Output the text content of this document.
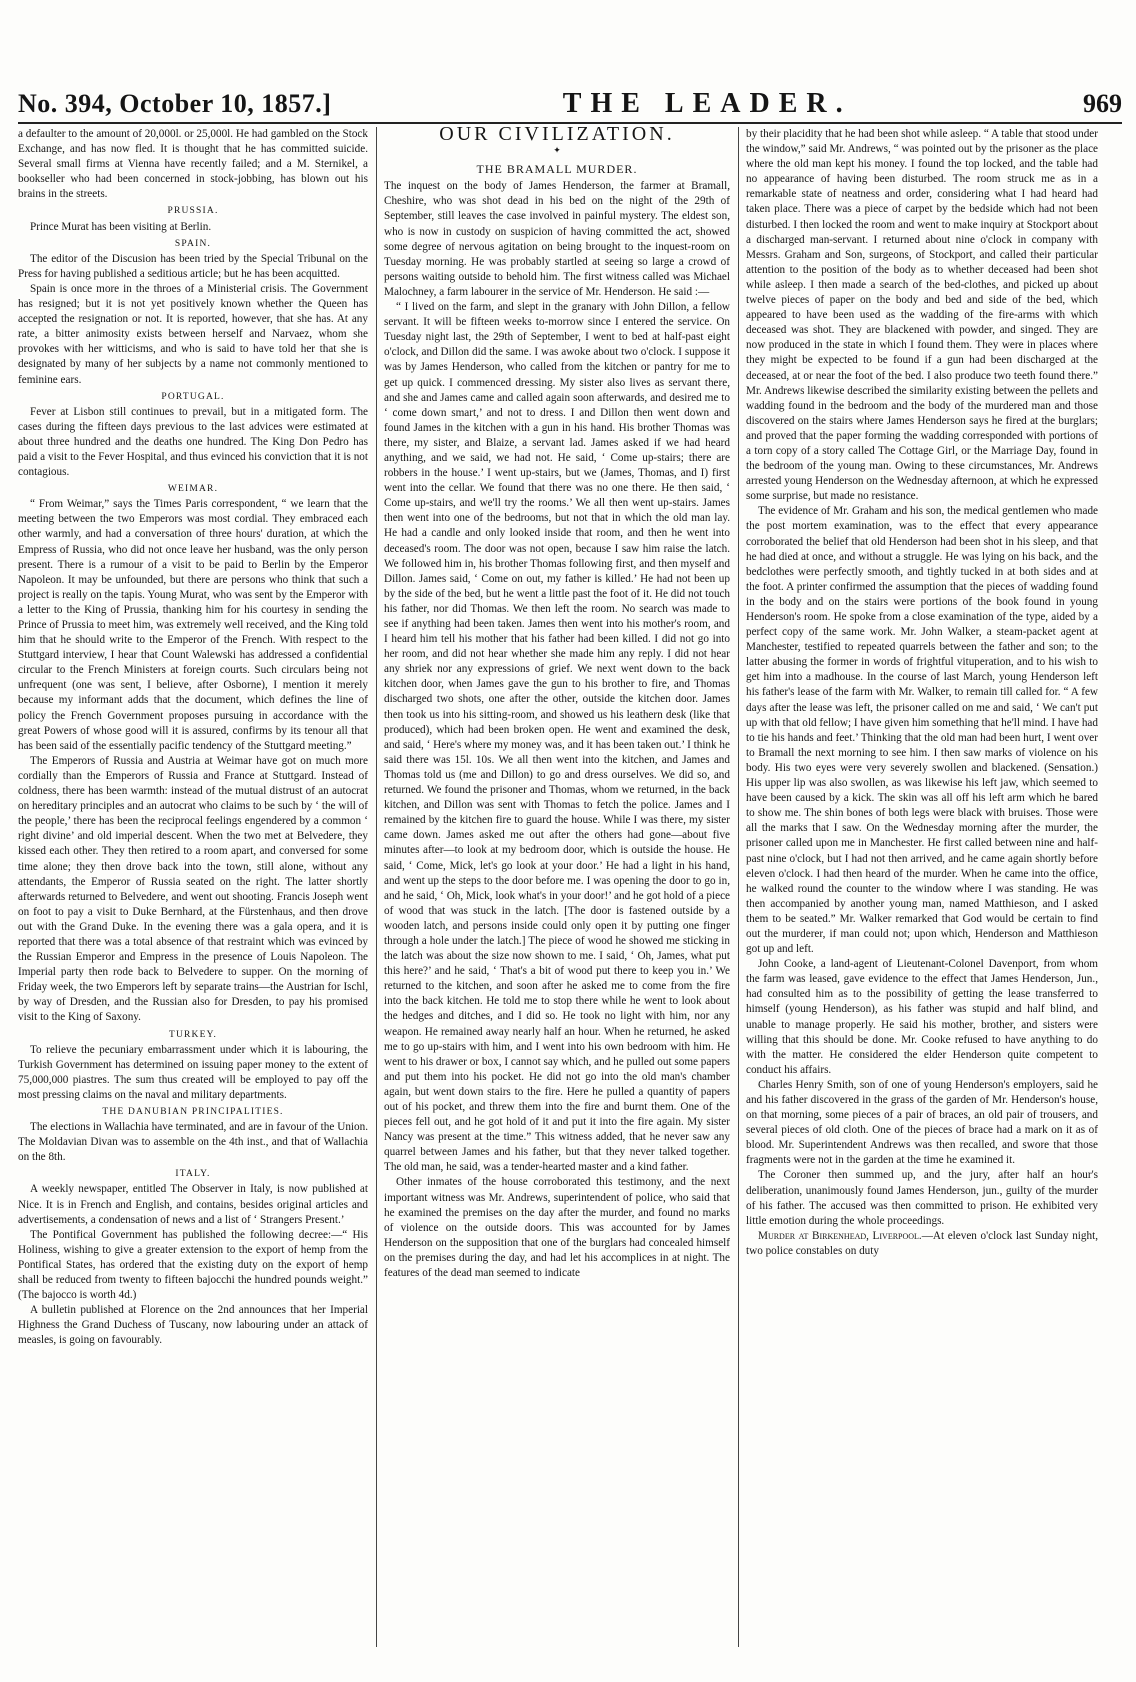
No. 394, October 10, 1857.]	THE LEADER.	969

a defaulter to the amount of 20,000l. or 25,000l. He had gambled on the Stock Exchange, and has now fled. It is thought that he has committed suicide. Several small firms at Vienna have recently failed; and a M. Sternikel, a bookseller who had been concerned in stock-jobbing, has blown out his brains in the streets.

PRUSSIA.

Prince Murat has been visiting at Berlin.

SPAIN.

The editor of the Discusion has been tried by the Special Tribunal on the Press for having published a seditious article; but he has been acquitted.

Spain is once more in the throes of a Ministerial crisis. The Government has resigned; but it is not yet positively known whether the Queen has accepted the resignation or not. It is reported, however, that she has. At any rate, a bitter animosity exists between herself and Narvaez, whom she provokes with her witticisms, and who is said to have told her that she is designated by many of her subjects by a name not commonly mentioned to feminine ears.

PORTUGAL.

Fever at Lisbon still continues to prevail, but in a mitigated form. The cases during the fifteen days previous to the last advices were estimated at about three hundred and the deaths one hundred. The King Don Pedro has paid a visit to the Fever Hospital, and thus evinced his conviction that it is not contagious.

WEIMAR.

“ From Weimar,” says the Times Paris correspondent, “ we learn that the meeting between the two Emperors was most cordial. They embraced each other warmly, and had a conversation of three hours' duration, at which the Empress of Russia, who did not once leave her husband, was the only person present. There is a rumour of a visit to be paid to Berlin by the Emperor Napoleon. It may be unfounded, but there are persons who think that such a project is really on the tapis. Young Murat, who was sent by the Emperor with a letter to the King of Prussia, thanking him for his courtesy in sending the Prince of Prussia to meet him, was extremely well received, and the King told him that he should write to the Emperor of the French. With respect to the Stuttgard interview, I hear that Count Walewski has addressed a confidential circular to the French Ministers at foreign courts. Such circulars being not unfrequent (one was sent, I believe, after Osborne), I mention it merely because my informant adds that the document, which defines the line of policy the French Government proposes pursuing in accordance with the great Powers of whose good will it is assured, confirms by its tenour all that has been said of the essentially pacific tendency of the Stuttgard meeting.”

The Emperors of Russia and Austria at Weimar have got on much more cordially than the Emperors of Russia and France at Stuttgard. Instead of coldness, there has been warmth: instead of the mutual distrust of an autocrat on hereditary principles and an autocrat who claims to be such by ‘ the will of the people,’ there has been the reciprocal feelings engendered by a common ‘ right divine’ and old imperial descent. When the two met at Belvedere, they kissed each other. They then retired to a room apart, and conversed for some time alone; they then drove back into the town, still alone, without any attendants, the Emperor of Russia seated on the right. The latter shortly afterwards returned to Belvedere, and went out shooting. Francis Joseph went on foot to pay a visit to Duke Bernhard, at the Fürstenhaus, and then drove out with the Grand Duke. In the evening there was a gala opera, and it is reported that there was a total absence of that restraint which was evinced by the Russian Emperor and Empress in the presence of Louis Napoleon. The Imperial party then rode back to Belvedere to supper. On the morning of Friday week, the two Emperors left by separate trains—the Austrian for Ischl, by way of Dresden, and the Russian also for Dresden, to pay his promised visit to the King of Saxony.

TURKEY.

To relieve the pecuniary embarrassment under which it is labouring, the Turkish Government has determined on issuing paper money to the extent of 75,000,000 piastres. The sum thus created will be employed to pay off the most pressing claims on the naval and military departments.

THE DANUBIAN PRINCIPALITIES.

The elections in Wallachia have terminated, and are in favour of the Union. The Moldavian Divan was to assemble on the 4th inst., and that of Wallachia on the 8th.

ITALY.

A weekly newspaper, entitled The Observer in Italy, is now published at Nice. It is in French and English, and contains, besides original articles and advertisements, a condensation of news and a list of ‘ Strangers Present.’

The Pontifical Government has published the following decree:—“ His Holiness, wishing to give a greater extension to the export of hemp from the Pontifical States, has ordered that the existing duty on the export of hemp shall be reduced from twenty to fifteen bajocchi the hundred pounds weight.” (The bajocco is worth 4d.)

A bulletin published at Florence on the 2nd announces that her Imperial Highness the Grand Duchess of Tuscany, now labouring under an attack of measles, is going on favourably.

OUR CIVILIZATION.
✦
THE BRAMALL MURDER.

The inquest on the body of James Henderson, the farmer at Bramall, Cheshire, who was shot dead in his bed on the night of the 29th of September, still leaves the case involved in painful mystery. The eldest son, who is now in custody on suspicion of having committed the act, showed some degree of nervous agitation on being brought to the inquest-room on Tuesday morning. He was probably startled at seeing so large a crowd of persons waiting outside to behold him. The first witness called was Michael Malochney, a farm labourer in the service of Mr. Henderson. He said :—

“ I lived on the farm, and slept in the granary with John Dillon, a fellow servant. It will be fifteen weeks to-morrow since I entered the service. On Tuesday night last, the 29th of September, I went to bed at half-past eight o'clock, and Dillon did the same. I was awoke about two o'clock. I suppose it was by James Henderson, who called from the kitchen or pantry for me to get up quick. I commenced dressing. My sister also lives as servant there, and she and James came and called again soon afterwards, and desired me to ‘ come down smart,’ and not to dress. I and Dillon then went down and found James in the kitchen with a gun in his hand. His brother Thomas was there, my sister, and Blaize, a servant lad. James asked if we had heard anything, and we said, we had not. He said, ‘ Come up-stairs; there are robbers in the house.’ I went up-stairs, but we (James, Thomas, and I) first went into the cellar. We found that there was no one there. He then said, ‘ Come up-stairs, and we'll try the rooms.’ We all then went up-stairs. James then went into one of the bedrooms, but not that in which the old man lay. He had a candle and only looked inside that room, and then he went into deceased's room. The door was not open, because I saw him raise the latch. We followed him in, his brother Thomas following first, and then myself and Dillon. James said, ‘ Come on out, my father is killed.’ He had not been up by the side of the bed, but he went a little past the foot of it. He did not touch his father, nor did Thomas. We then left the room. No search was made to see if anything had been taken. James then went into his mother's room, and I heard him tell his mother that his father had been killed. I did not go into her room, and did not hear whether she made him any reply. I did not hear any shriek nor any expressions of grief. We next went down to the back kitchen door, when James gave the gun to his brother to fire, and Thomas discharged two shots, one after the other, outside the kitchen door. James then took us into his sitting-room, and showed us his leathern desk (like that produced), which had been broken open. He went and examined the desk, and said, ‘ Here's where my money was, and it has been taken out.’ I think he said there was 15l. 10s. We all then went into the kitchen, and James and Thomas told us (me and Dillon) to go and dress ourselves. We did so, and returned. We found the prisoner and Thomas, whom we returned, in the back kitchen, and Dillon was sent with Thomas to fetch the police. James and I remained by the kitchen fire to guard the house. While I was there, my sister came down. James asked me out after the others had gone—about five minutes after—to look at my bedroom door, which is outside the house. He said, ‘ Come, Mick, let's go look at your door.’ He had a light in his hand, and went up the steps to the door before me. I was opening the door to go in, and he said, ‘ Oh, Mick, look what's in your door!’ and he got hold of a piece of wood that was stuck in the latch. [The door is fastened outside by a wooden latch, and persons inside could only open it by putting one finger through a hole under the latch.] The piece of wood he showed me sticking in the latch was about the size now shown to me. I said, ‘ Oh, James, what put this here?’ and he said, ‘ That's a bit of wood put there to keep you in.’ We returned to the kitchen, and soon after he asked me to come from the fire into the back kitchen. He told me to stop there while he went to look about the hedges and ditches, and I did so. He took no light with him, nor any weapon. He remained away nearly half an hour. When he returned, he asked me to go up-stairs with him, and I went into his own bedroom with him. He went to his drawer or box, I cannot say which, and he pulled out some papers and put them into his pocket. He did not go into the old man's chamber again, but went down stairs to the fire. Here he pulled a quantity of papers out of his pocket, and threw them into the fire and burnt them. One of the pieces fell out, and he got hold of it and put it into the fire again. My sister Nancy was present at the time.” This witness added, that he never saw any quarrel between James and his father, but that they never talked together. The old man, he said, was a tender-hearted master and a kind father.

Other inmates of the house corroborated this testimony, and the next important witness was Mr. Andrews, superintendent of police, who said that he examined the premises on the day after the murder, and found no marks of violence on the outside doors. This was accounted for by James Henderson on the supposition that one of the burglars had concealed himself on the premises during the day, and had let his accomplices in at night. The features of the dead man seemed to indicate

by their placidity that he had been shot while asleep. “ A table that stood under the window,” said Mr. Andrews, “ was pointed out by the prisoner as the place where the old man kept his money. I found the top locked, and the table had no appearance of having been disturbed. The room struck me as in a remarkable state of neatness and order, considering what I had heard had taken place. There was a piece of carpet by the bedside which had not been disturbed. I then locked the room and went to make inquiry at Stockport about a discharged man-servant. I returned about nine o'clock in company with Messrs. Graham and Son, surgeons, of Stockport, and called their particular attention to the position of the body as to whether deceased had been shot while asleep. I then made a search of the bed-clothes, and picked up about twelve pieces of paper on the body and bed and side of the bed, which appeared to have been used as the wadding of the fire-arms with which deceased was shot. They are blackened with powder, and singed. They are now produced in the state in which I found them. They were in places where they might be expected to be found if a gun had been discharged at the deceased, at or near the foot of the bed. I also produce two teeth found there.” Mr. Andrews likewise described the similarity existing between the pellets and wadding found in the bedroom and the body of the murdered man and those discovered on the stairs where James Henderson says he fired at the burglars; and proved that the paper forming the wadding corresponded with portions of a torn copy of a story called The Cottage Girl, or the Marriage Day, found in the bedroom of the young man. Owing to these circumstances, Mr. Andrews arrested young Henderson on the Wednesday afternoon, at which he expressed some surprise, but made no resistance.

The evidence of Mr. Graham and his son, the medical gentlemen who made the post mortem examination, was to the effect that every appearance corroborated the belief that old Henderson had been shot in his sleep, and that he had died at once, and without a struggle. He was lying on his back, and the bedclothes were perfectly smooth, and tightly tucked in at both sides and at the foot. A printer confirmed the assumption that the pieces of wadding found in the body and on the stairs were portions of the book found in young Henderson's room. He spoke from a close examination of the type, aided by a perfect copy of the same work. Mr. John Walker, a steam-packet agent at Manchester, testified to repeated quarrels between the father and son; to the latter abusing the former in words of frightful vituperation, and to his wish to get him into a madhouse. In the course of last March, young Henderson left his father's lease of the farm with Mr. Walker, to remain till called for. “ A few days after the lease was left, the prisoner called on me and said, ‘ We can't put up with that old fellow; I have given him something that he'll mind. I have had to tie his hands and feet.’ Thinking that the old man had been hurt, I went over to Bramall the next morning to see him. I then saw marks of violence on his body. His two eyes were very severely swollen and blackened. (Sensation.) His upper lip was also swollen, as was likewise his left jaw, which seemed to have been caused by a kick. The skin was all off his left arm which he bared to show me. The shin bones of both legs were black with bruises. Those were all the marks that I saw. On the Wednesday morning after the murder, the prisoner called upon me in Manchester. He first called between nine and half-past nine o'clock, but I had not then arrived, and he came again shortly before eleven o'clock. I had then heard of the murder. When he came into the office, he walked round the counter to the window where I was standing. He was then accompanied by another young man, named Matthieson, and I asked them to be seated.” Mr. Walker remarked that God would be certain to find out the murderer, if man could not; upon which, Henderson and Matthieson got up and left.

John Cooke, a land-agent of Lieutenant-Colonel Davenport, from whom the farm was leased, gave evidence to the effect that James Henderson, Jun., had consulted him as to the possibility of getting the lease transferred to himself (young Henderson), as his father was stupid and half blind, and unable to manage properly. He said his mother, brother, and sisters were willing that this should be done. Mr. Cooke refused to have anything to do with the matter. He considered the elder Henderson quite competent to conduct his affairs.

Charles Henry Smith, son of one of young Henderson's employers, said he and his father discovered in the grass of the garden of Mr. Henderson's house, on that morning, some pieces of a pair of braces, an old pair of trousers, and several pieces of old cloth. One of the pieces of brace had a mark on it as of blood. Mr. Superintendent Andrews was then recalled, and swore that those fragments were not in the garden at the time he examined it.

The Coroner then summed up, and the jury, after half an hour's deliberation, unanimously found James Henderson, jun., guilty of the murder of his father. The accused was then committed to prison. He exhibited very little emotion during the whole proceedings.

Murder at Birkenhead, Liverpool.—At eleven o'clock last Sunday night, two police constables on duty
